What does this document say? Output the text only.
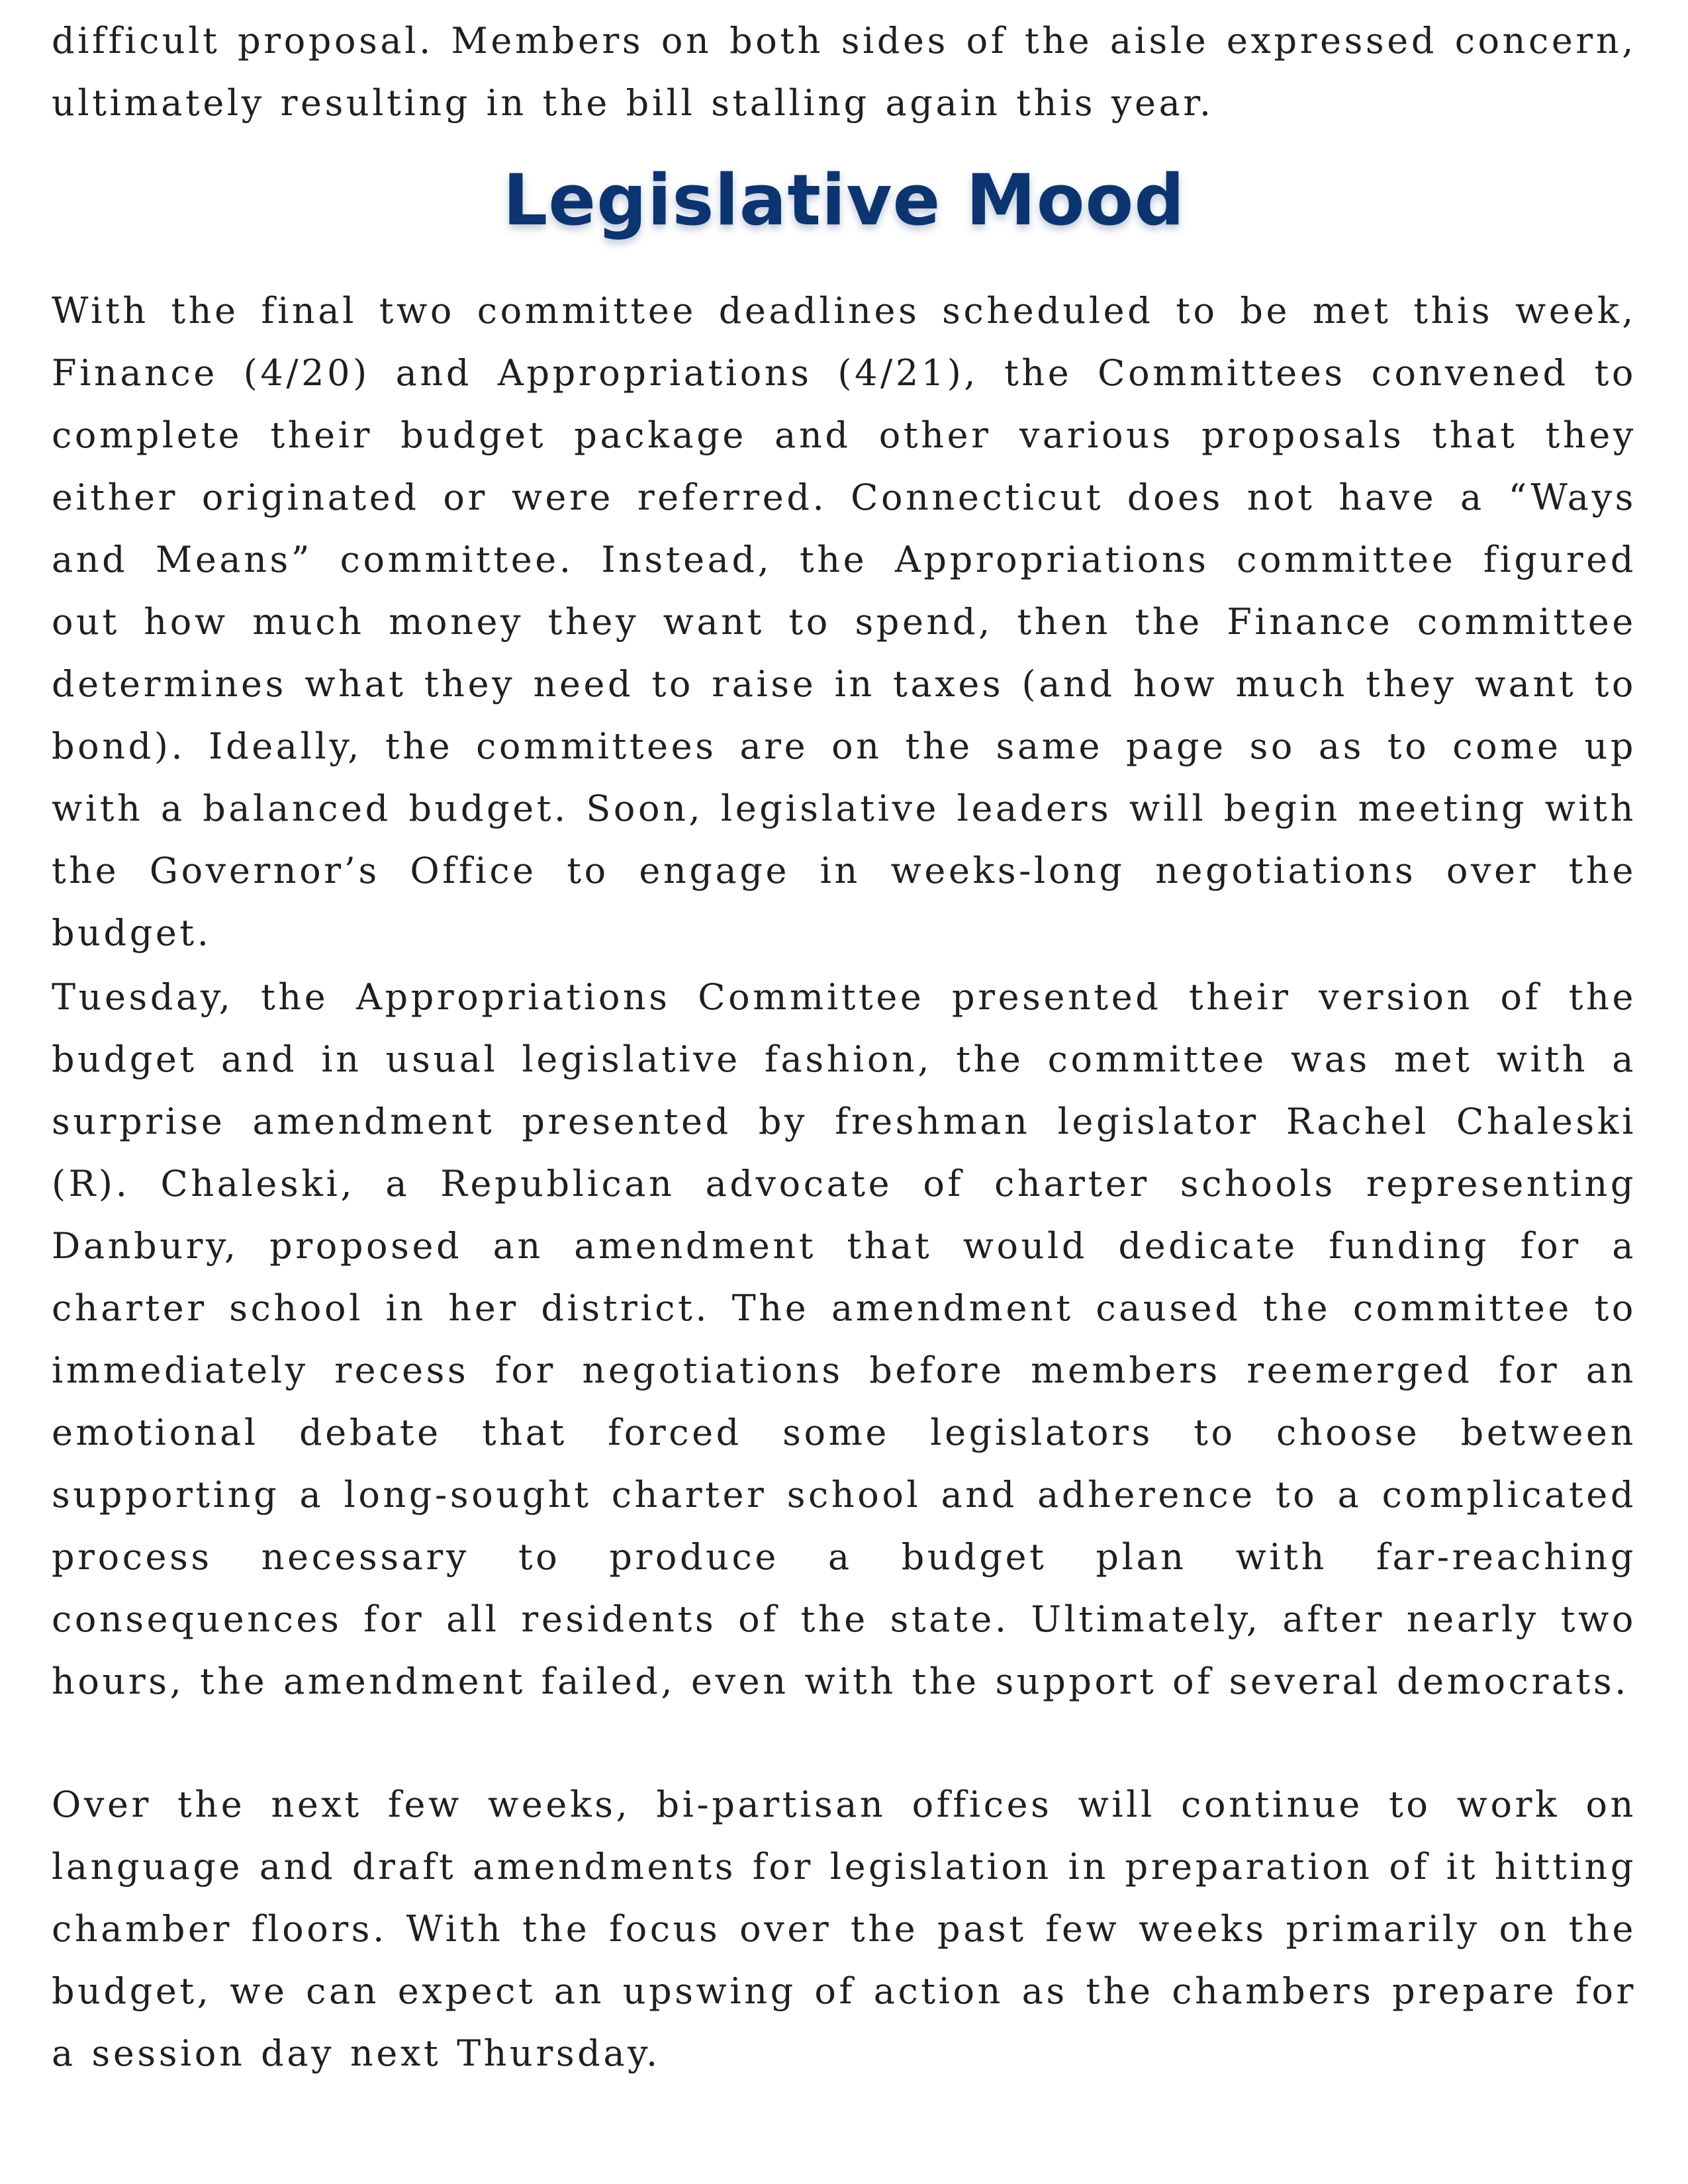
difficult proposal. Members on both sides of the aisle expressed concern, ultimately resulting in the bill stalling again this year.

Legislative Mood

With the final two committee deadlines scheduled to be met this week, Finance (4/20) and Appropriations (4/21), the Committees convened to complete their budget package and other various proposals that they either originated or were referred. Connecticut does not have a “Ways and Means” committee. Instead, the Appropriations committee figured out how much money they want to spend, then the Finance committee determines what they need to raise in taxes (and how much they want to bond). Ideally, the committees are on the same page so as to come up with a balanced budget. Soon, legislative leaders will begin meeting with the Governor’s Office to engage in weeks-long negotiations over the budget.

Tuesday, the Appropriations Committee presented their version of the budget and in usual legislative fashion, the committee was met with a surprise amendment presented by freshman legislator Rachel Chaleski (R). Chaleski, a Republican advocate of charter schools representing Danbury, proposed an amendment that would dedicate funding for a charter school in her district. The amendment caused the committee to immediately recess for negotiations before members reemerged for an emotional debate that forced some legislators to choose between supporting a long-sought charter school and adherence to a complicated process necessary to produce a budget plan with far-reaching consequences for all residents of the state. Ultimately, after nearly two hours, the amendment failed, even with the support of several democrats.

Over the next few weeks, bi-partisan offices will continue to work on language and draft amendments for legislation in preparation of it hitting chamber floors. With the focus over the past few weeks primarily on the budget, we can expect an upswing of action as the chambers prepare for a session day next Thursday.
